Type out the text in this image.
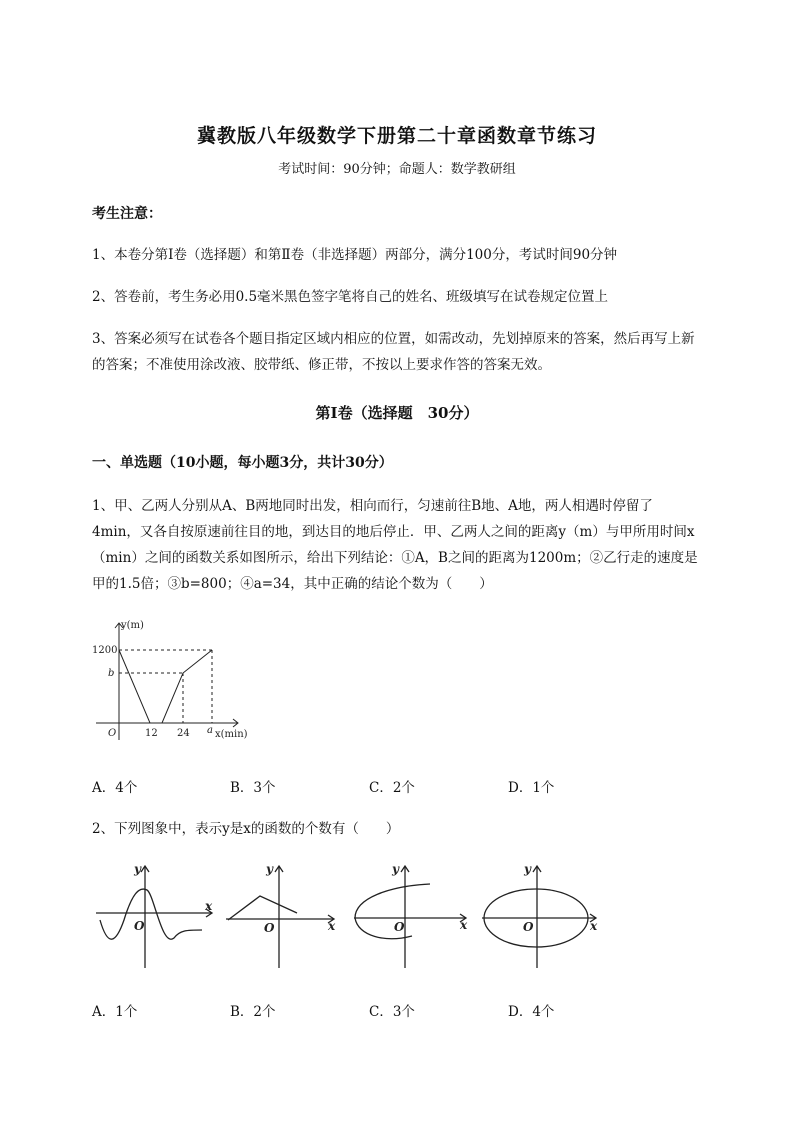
冀教版八年级数学下册第二十章函数章节练习
考试时间：90分钟；命题人：数学教研组
考生注意：
1、本卷分第I卷（选择题）和第Ⅱ卷（非选择题）两部分，满分100分，考试时间90分钟
2、答卷前，考生务必用0.5毫米黑色签字笔将自己的姓名、班级填写在试卷规定位置上
3、答案必须写在试卷各个题目指定区域内相应的位置，如需改动，先划掉原来的答案，然后再写上新
的答案；不准使用涂改液、胶带纸、修正带，不按以上要求作答的答案无效。
第I卷（选择题　30分）
一、单选题（10小题，每小题3分，共计30分）
1、甲、乙两人分别从A、B两地同时出发，相向而行，匀速前往B地、A地，两人相遇时停留了
4min，又各自按原速前往目的地，到达目的地后停止．甲、乙两人之间的距离y（m）与甲所用时间x
（min）之间的函数关系如图所示，给出下列结论：①A，B之间的距离为1200m；②乙行走的速度是
甲的1.5倍；③b=800；④a=34，其中正确的结论个数为（　　）
y(m)
1200
b
O	12 24 a x(min)
A．4个	B．3个	C．2个	D．1个
2、下列图象中，表示y是x的函数的个数有（　　）
y
x
O
y
x
O
y
x
O
y
x
O
A．1个	B．2个	C．3个	D．4个
